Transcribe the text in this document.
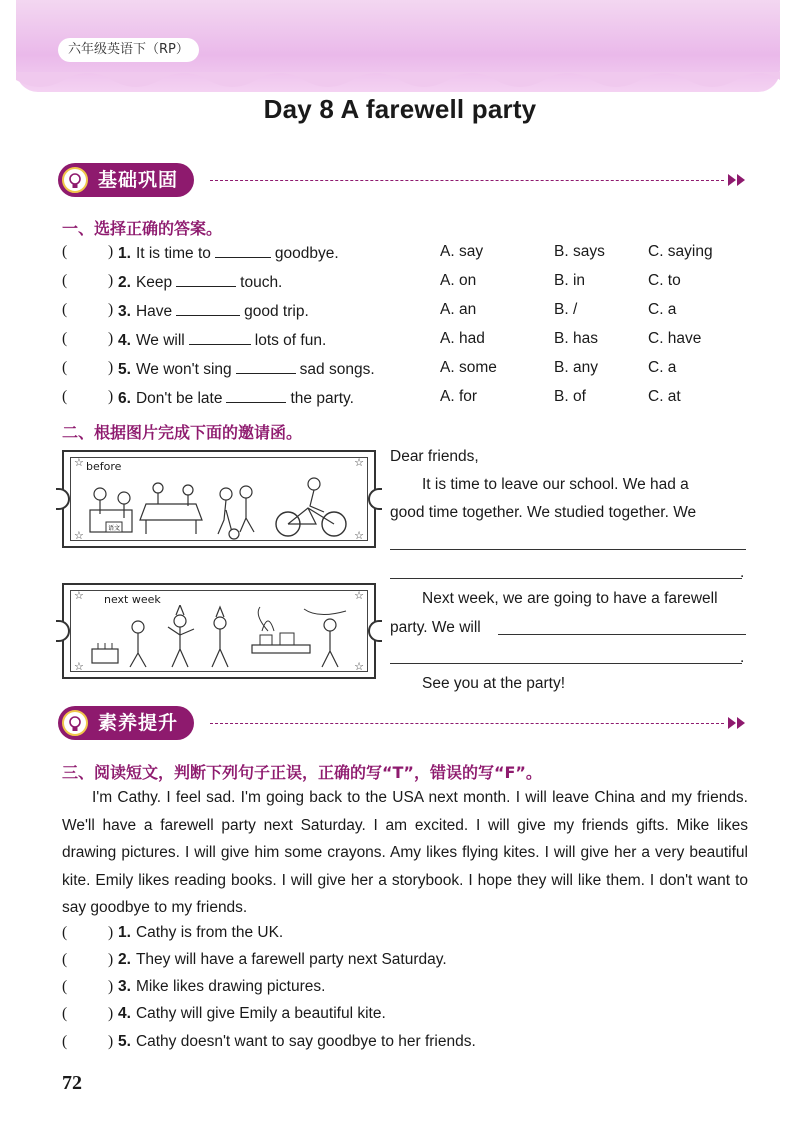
六年级英语下（RP）
Day 8 A farewell party
基础巩固
一、选择正确的答案。
(	) 1. It is time to	goodbye.	A. say	B. says	C. saying
(	) 2. Keep	touch.	A. on	B. in	C. to
(	) 3. Have	good trip.	A. an	B. /	C. a
(	) 4. We will	lots of fun.	A. had	B. has	C. have
(	) 5. We won't sing	sad songs.	A. some	B. any	C. a
(	) 6. Don't be late	the party.	A. for	B. of	C. at
二、根据图片完成下面的邀请函。
before
☆	☆
☆	☆
语文
next week
☆	☆
☆	☆
Dear friends,
It is time to leave our school. We had a
good time together. We studied together. We
.
Next week, we are going to have a farewell
party. We will
.
See you at the party!
素养提升
三、阅读短文，判断下列句子正误，正确的写“T”，错误的写“F”。
I'm Cathy. I feel sad. I'm going back to the USA next month. I will leave China and my friends. We'll have a farewell party next Saturday. I am excited. I will give my friends gifts. Mike likes drawing pictures. I will give him some crayons. Amy likes flying kites. I will give her a very beautiful kite. Emily likes reading books. I will give her a storybook. I hope they will like them. I don't want to say goodbye to my friends.
(	) 1. Cathy is from the UK.
(	) 2. They will have a farewell party next Saturday.
(	) 3. Mike likes drawing pictures.
(	) 4. Cathy will give Emily a beautiful kite.
(	) 5. Cathy doesn't want to say goodbye to her friends.
72
